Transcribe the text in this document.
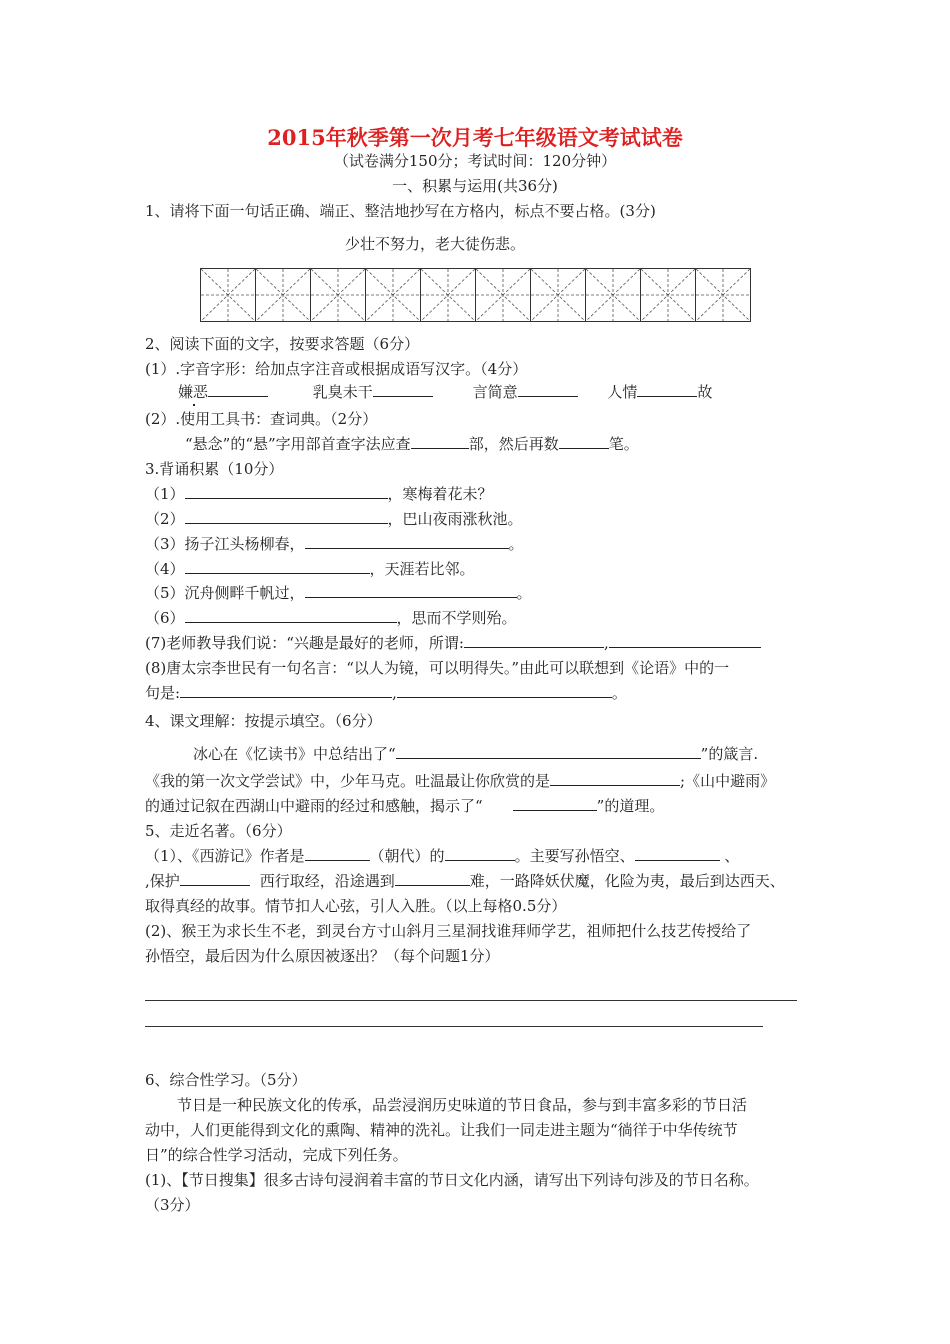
2015年秋季第一次月考七年级语文考试试卷
（试卷满分150分；考试时间：120分钟）
一、积累与运用(共36分)
1、请将下面一句话正确、端正、整洁地抄写在方格内，标点不要占格。(3分)
少壮不努力，老大徒伤悲。
2、阅读下面的文字，按要求答题（6分）
(1）.字音字形：给加点字注音或根据成语写汉字。（4分）
嫌恶	乳臭未干	言简意	人情	故
(2）.使用工具书：查词典。（2分）
“悬念”的“悬”字用部首查字法应查	部，然后再数	笔。
3.背诵积累（10分）
（1）	，寒梅着花未？
（2）	，巴山夜雨涨秋池。
（3）扬子江头杨柳春，	。
（4）	，天涯若比邻。
（5）沉舟侧畔千帆过，	。
（6）	，思而不学则殆。
(7)老师教导我们说：“兴趣是最好的老师，所谓:	,
(8)唐太宗李世民有一句名言：“以人为镜，可以明得失。”由此可以联想到《论语》中的一
句是:	,	。
4、课文理解：按提示填空。（6分）
冰心在《忆读书》中总结出了“	”的箴言.
《我的第一次文学尝试》中，少年马克。吐温最让你欣赏的是	;《山中避雨》
的通过记叙在西湖山中避雨的经过和感触，揭示了“	”的道理。
5、走近名著。（6分）
（1）、《西游记》作者是	（朝代）的	。主要写孙悟空、	、
,保护	西行取经，沿途遇到	难，一路降妖伏魔，化险为夷，最后到达西天、
取得真经的故事。情节扣人心弦，引人入胜。（以上每格0.5分）
(2)、猴王为求长生不老，到灵台方寸山斜月三星洞找谁拜师学艺，祖师把什么技艺传授给了
孙悟空，最后因为什么原因被逐出？（每个问题1分）
6、综合性学习。（5分）
节日是一种民族文化的传承，品尝浸润历史味道的节日食品，参与到丰富多彩的节日活
动中，人们更能得到文化的熏陶、精神的洗礼。让我们一同走进主题为“徜徉于中华传统节
日”的综合性学习活动，完成下列任务。
(1)、【节日搜集】很多古诗句浸润着丰富的节日文化内涵，请写出下列诗句涉及的节日名称。
（3分）
